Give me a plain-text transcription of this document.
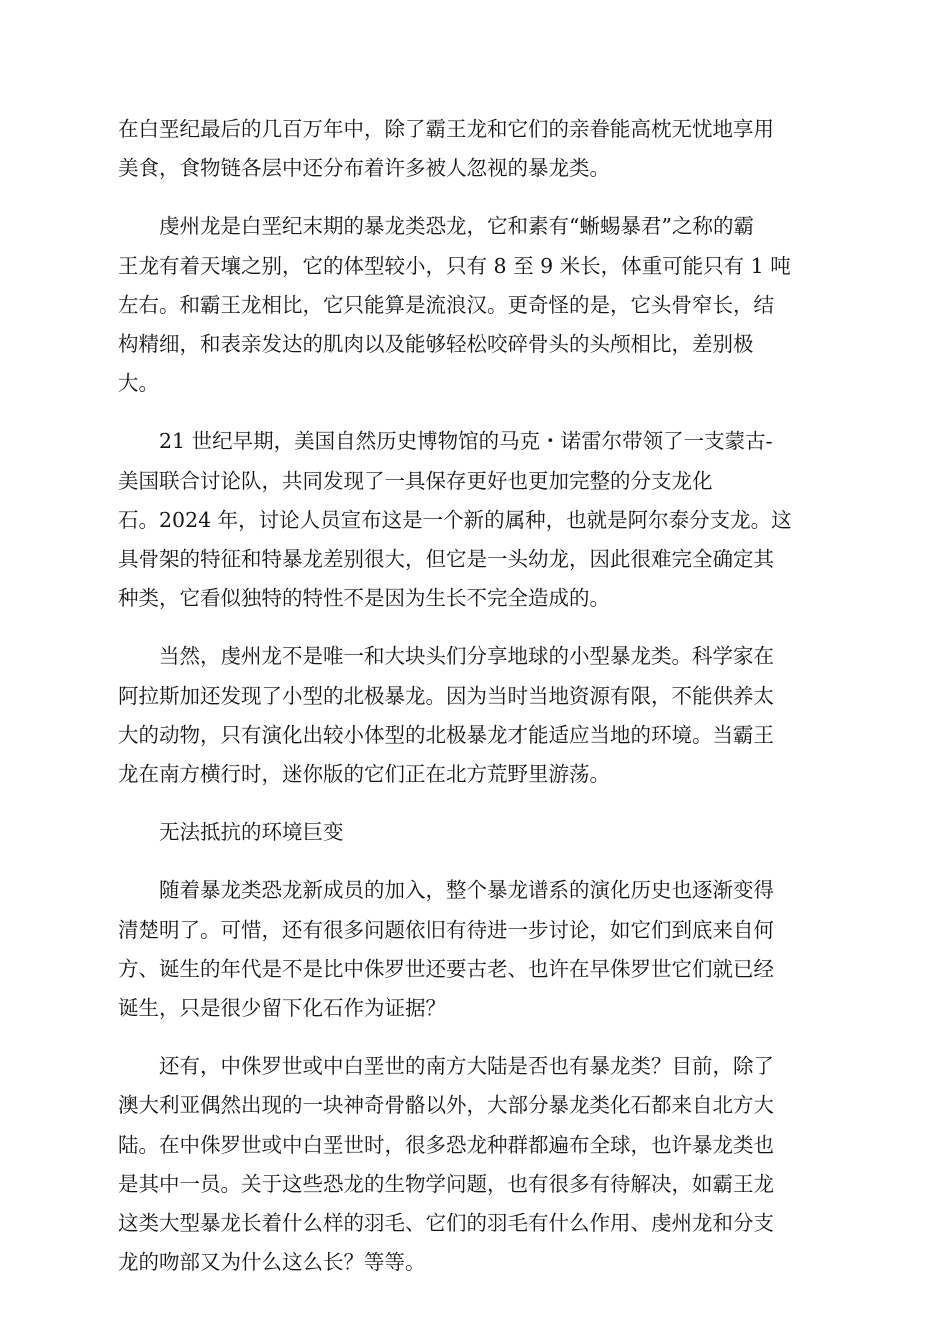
在白垩纪最后的几百万年中，除了霸王龙和它们的亲眷能高枕无忧地享用
美食，食物链各层中还分布着许多被人忽视的暴龙类。
虔州龙是白垩纪末期的暴龙类恐龙，它和素有“蜥蜴暴君”之称的霸
王龙有着天壤之别，它的体型较小，只有 8 至 9 米长，体重可能只有 1 吨
左右。和霸王龙相比，它只能算是流浪汉。更奇怪的是，它头骨窄长，结
构精细，和表亲发达的肌肉以及能够轻松咬碎骨头的头颅相比，差别极
大。
21 世纪早期，美国自然历史博物馆的马克・诺雷尔带领了一支蒙古-
美国联合讨论队，共同发现了一具保存更好也更加完整的分支龙化
石。2024 年，讨论人员宣布这是一个新的属种，也就是阿尔泰分支龙。这
具骨架的特征和特暴龙差别很大，但它是一头幼龙，因此很难完全确定其
种类，它看似独特的特性不是因为生长不完全造成的。
当然，虔州龙不是唯一和大块头们分享地球的小型暴龙类。科学家在
阿拉斯加还发现了小型的北极暴龙。因为当时当地资源有限，不能供养太
大的动物，只有演化出较小体型的北极暴龙才能适应当地的环境。当霸王
龙在南方横行时，迷你版的它们正在北方荒野里游荡。
无法抵抗的环境巨变
随着暴龙类恐龙新成员的加入，整个暴龙谱系的演化历史也逐渐变得
清楚明了。可惜，还有很多问题依旧有待进一步讨论，如它们到底来自何
方、诞生的年代是不是比中侏罗世还要古老、也许在早侏罗世它们就已经
诞生，只是很少留下化石作为证据？
还有，中侏罗世或中白垩世的南方大陆是否也有暴龙类？目前，除了
澳大利亚偶然出现的一块神奇骨骼以外，大部分暴龙类化石都来自北方大
陆。在中侏罗世或中白垩世时，很多恐龙种群都遍布全球，也许暴龙类也
是其中一员。关于这些恐龙的生物学问题，也有很多有待解决，如霸王龙
这类大型暴龙长着什么样的羽毛、它们的羽毛有什么作用、虔州龙和分支
龙的吻部又为什么这么长？等等。
